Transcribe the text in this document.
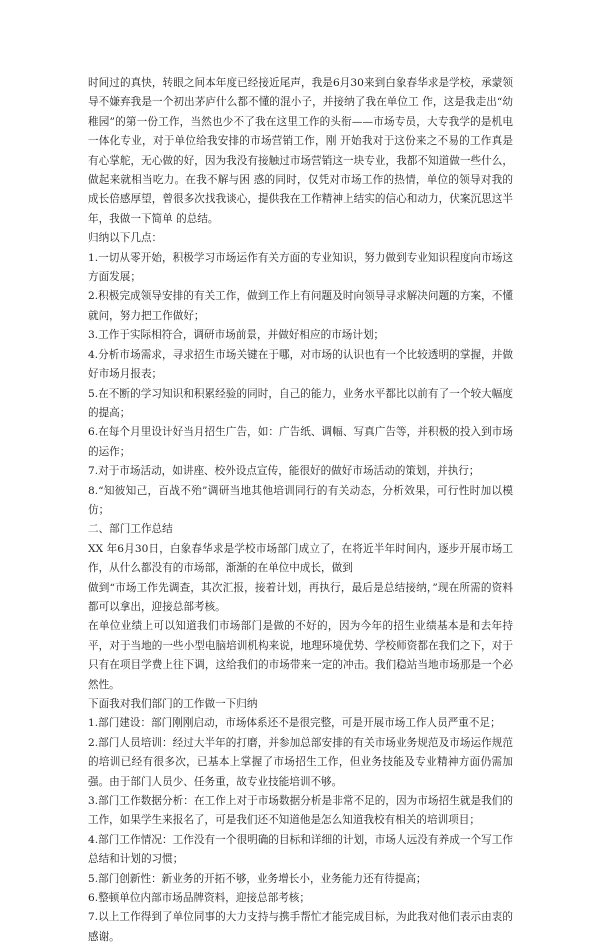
时间过的真快，转眼之间本年度已经接近尾声，我是6月30来到白象春华求是学校，承蒙领导不嫌弃我是一个初出茅庐什么都不懂的混小子，并接纳了我在单位工 作，这是我走出“幼稚园”的第一份工作，当然也少不了我在这里工作的头衔——市场专员，大专我学的是机电一体化专业，对于单位给我安排的市场营销工作，刚 开始我对于这份来之不易的工作真是有心掌舵，无心做的好，因为我没有接触过市场营销这一块专业，我都不知道做一些什么，做起来就相当吃力。在我不解与困 惑的同时，仅凭对市场工作的热情，单位的领导对我的成长倍感厚望，曾很多次找我谈心，提供我在工作精神上结实的信心和动力，伏案沉思这半年，我做一下简单 的总结。

归纳以下几点：

1.一切从零开始，积极学习市场运作有关方面的专业知识，努力做到专业知识程度向市场这方面发展；

2.积极完成领导安排的有关工作，做到工作上有问题及时向领导寻求解决问题的方案，不懂就问，努力把工作做好；

3.工作于实际相符合，调研市场前景，并做好相应的市场计划；

4.分析市场需求，寻求招生市场关键在于哪，对市场的认识也有一个比较透明的掌握，并做好市场月报表；

5.在不断的学习知识和积累经验的同时，自己的能力，业务水平都比以前有了一个较大幅度的提高；

6.在每个月里设计好当月招生广告，如：广告纸、调幅、写真广告等，并积极的投入到市场的运作；

7.对于市场活动，如讲座、校外设点宣传，能很好的做好市场活动的策划，并执行；

8.“知彼知己，百战不殆”调研当地其他培训同行的有关动态，分析效果，可行性时加以模仿；

二、部门工作总结

XX 年6月30日，白象春华求是学校市场部门成立了，在将近半年时间内，逐步开展市场工作，从什么都没有的市场部，渐渐的在单位中成长，做到

做到“市场工作先调查，其次汇报，接着计划，再执行，最后是总结接纳，”现在所需的资料都可以拿出，迎接总部考核。

在单位业绩上可以知道我们市场部门是做的不好的，因为今年的招生业绩基本是和去年持平，对于当地的一些小型电脑培训机构来说，地理环境优势、学校师资都在我们之下，对于只有在项目学费上往下调，这给我们的市场带来一定的冲击。我们稳站当地市场那是一个必然性。

下面我对我们部门的工作做一下归纳

1.部门建设：部门刚刚启动，市场体系还不是很完整，可是开展市场工作人员严重不足；

2.部门人员培训：经过大半年的打磨，并参加总部安排的有关市场业务规范及市场运作规范的培训已经有很多次，已基本上掌握了市场招生工作，但业务技能及专业精神方面仍需加强。由于部门人员少、任务重，故专业技能培训不够。

3.部门工作数据分析：在工作上对于市场数据分析是非常不足的，因为市场招生就是我们的工作，如果学生来报名了，可是我们还不知道他是怎么知道我校有相关的培训项目；

4.部门工作情况：工作没有一个很明确的目标和详细的计划，市场人远没有养成一个写工作总结和计划的习惯；

5.部门创新性：新业务的开拓不够，业务增长小，业务能力还有待提高；

6.整顿单位内部市场品牌资料，迎接总部考核；

7.以上工作得到了单位同事的大力支持与携手帮忙才能完成目标，为此我对他们表示由衷的感谢。
